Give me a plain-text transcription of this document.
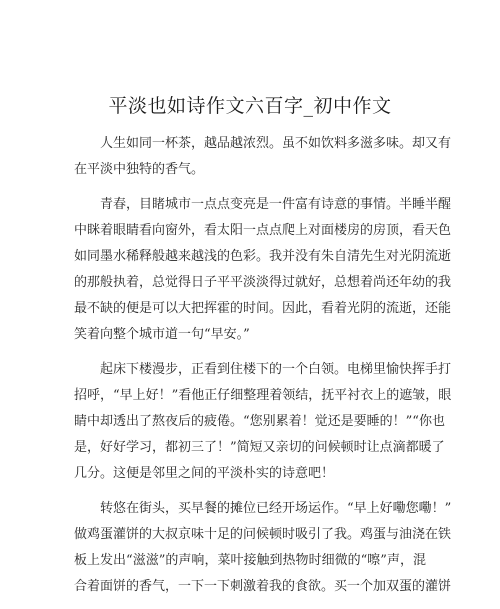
平淡也如诗作文六百字_初中作文
　　人生如同一杯茶，越品越浓烈。虽不如饮料多滋多味。却又有
在平淡中独特的香气。
　　青春，目睹城市一点点变亮是一件富有诗意的事情。半睡半醒
中眯着眼睛看向窗外，看太阳一点点爬上对面楼房的房顶，看天色
如同墨水稀释般越来越浅的色彩。我并没有朱自清先生对光阴流逝
的那般执着，总觉得日子平平淡淡得过就好，总想着尚还年幼的我
最不缺的便是可以大把挥霍的时间。因此，看着光阴的流逝，还能
笑着向整个城市道一句“早安。”
　　起床下楼漫步，正看到住楼下的一个白领。电梯里愉快挥手打
招呼，“早上好！”看他正仔细整理着领结，抚平衬衣上的遮皱，眼
睛中却透出了熬夜后的疲倦。“您别累着！觉还是要睡的！”“你也
是，好好学习，都初三了！”简短又亲切的问候顿时让点滴都暖了
几分。这便是邻里之间的平淡朴实的诗意吧！
　　转悠在街头，买早餐的摊位已经开场运作。“早上好嘞您嘞！”
做鸡蛋灌饼的大叔京味十足的问候顿时吸引了我。鸡蛋与油浇在铁
板上发出“滋滋”的声响，菜叶接触到热物时细微的“嚓”声，混
合着面饼的香气，一下一下刺激着我的食欲。买一个加双蛋的灌饼
